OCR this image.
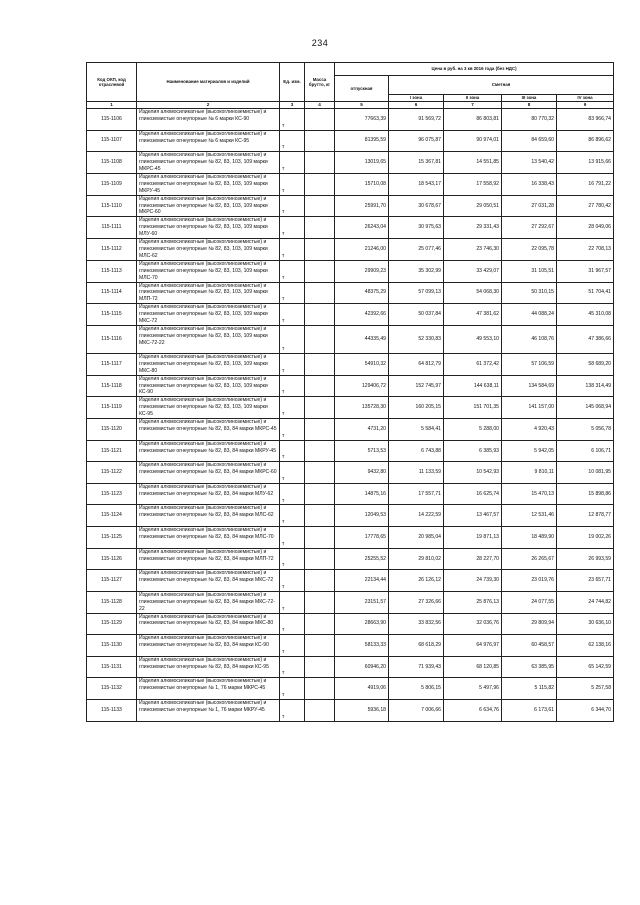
234
Код ОКП, код отраслевой	Наименование материалов и изделий	Ед. изм.	Масса брутто, кг	Цена в руб. на 3 кв 2016 года (без НДС)				
				отпускная	Сметная			
					I зона	II зона	III зона	IV зона
1	2	3	4	5	6	7	8	9
115-1106	Изделия алюмосиликатные (высокоглиноземистые) и глиноземистые огнеупорные № 6 марки КС-90	т		77663,39	91 569,72	86 803,81	80 770,32	83 966,74
115-1107	Изделия алюмосиликатные (высокоглиноземистые) и глиноземистые огнеупорные № 6 марки КС-95	т		81395,59	96 075,87	90 974,01	84 659,60	86 896,62
115-1108	Изделия алюмосиликатные (высокоглиноземистые) и глиноземистые огнеупорные № 82, 83, 103, 109 марки МКРС-45	т		13019,65	15 367,81	14 551,85	13 540,42	13 915,66
115-1109	Изделия алюмосиликатные (высокоглиноземистые) и глиноземистые огнеупорные № 82, 83, 103, 109 марки МКРУ-45	т		15710,08	18 543,17	17 558,92	16 338,43	16 791,22
115-1110	Изделия алюмосиликатные (высокоглиноземистые) и глиноземистые огнеупорные № 82, 83, 103, 109 марки МКРС-60	т		25991,70	30 678,67	29 050,51	27 031,28	27 780,42
115-1111	Изделия алюмосиликатные (высокоглиноземистые) и глиноземистые огнеупорные № 82, 83, 103, 109 марки МЛУ-60	т		26243,04	30 975,63	29 331,43	27 292,67	28 049,06
115-1112	Изделия алюмосиликатные (высокоглиноземистые) и глиноземистые огнеупорные № 82, 83, 103, 109 марки МЛС-62	т		21246,00	25 077,46	23 746,30	22 095,78	22 708,13
115-1113	Изделия алюмосиликатные (высокоглиноземистые) и глиноземистые огнеупорные № 82, 83, 103, 109 марки МЛС-70	т		29909,23	35 302,99	33 429,07	31 105,51	31 967,57
115-1114	Изделия алюмосиликатные (высокоглиноземистые) и глиноземистые огнеупорные № 82, 83, 103, 109 марки МЛП-72	т		48375,29	57 099,13	54 068,30	50 310,15	51 704,41
115-1115	Изделия алюмосиликатные (высокоглиноземистые) и глиноземистые огнеупорные № 82, 83, 103, 109 марки МКС-72	т		42392,66	50 037,84	47 381,62	44 088,24	45 310,08
115-1116	Изделия алюмосиликатные (высокоглиноземистые) и глиноземистые огнеупорные № 82, 83, 103, 109 марки МКС-72-22	т		44335,49	52 330,83	49 553,10	46 108,76	47 386,66
115-1117	Изделия алюмосиликатные (высокоглиноземистые) и глиноземистые огнеупорные № 82, 83, 103, 109 марки МКС-80	т		54910,32	64 812,79	61 372,42	57 106,59	58 689,20
115-1118	Изделия алюмосиликатные (высокоглиноземистые) и глиноземистые огнеупорные № 82, 83, 103, 109 марки КС-90	т		129406,72	152 745,97	144 638,11	134 584,69	138 314,49
115-1119	Изделия алюмосиликатные (высокоглиноземистые) и глиноземистые огнеупорные № 82, 83, 103, 109 марки КС-95	т		135728,30	160 205,15	151 701,35	141 157,00	145 068,94
115-1120	Изделия алюмосиликатные (высокоглиноземистые) и глиноземистые огнеупорные № 82, 83, 84 марки МКРС-45	т		4731,20	5 584,41	5 288,00	4 920,43	5 056,78
115-1121	Изделия алюмосиликатные (высокоглиноземистые) и глиноземистые огнеупорные № 82, 83, 84 марки МКРУ-45	т		5713,53	6 743,88	6 385,93	5 942,05	6 106,71
115-1122	Изделия алюмосиликатные (высокоглиноземистые) и глиноземистые огнеупорные № 82, 83, 84 марки МКРС-60	т		9432,80	11 133,59	10 542,93	9 810,11	10 081,95
115-1123	Изделия алюмосиликатные (высокоглиноземистые) и глиноземистые огнеупорные № 82, 83, 84 марки МЛУ-62	т		14875,16	17 557,71	16 625,74	15 470,13	15 898,86
115-1124	Изделия алюмосиликатные (высокоглиноземистые) и глиноземистые огнеупорные № 82, 83, 84 марки МЛС-62	т		12049,53	14 222,59	13 467,57	12 531,46	12 878,77
115-1125	Изделия алюмосиликатные (высокоглиноземистые) и глиноземистые огнеупорные № 82, 83, 84 марки МЛС-70	т		17778,65	20 985,04	19 871,13	18 489,90	19 002,26
115-1126	Изделия алюмосиликатные (высокоглиноземистые) и глиноземистые огнеупорные № 82, 83, 84 марки МЛП-72	т		25255,52	29 810,02	28 227,70	26 265,67	26 993,59
115-1127	Изделия алюмосиликатные (высокоглиноземистые) и глиноземистые огнеупорные № 82, 83, 84 марки МКС-72	т		22134,44	26 126,12	24 739,30	23 019,76	23 657,71
115-1128	Изделия алюмосиликатные (высокоглиноземистые) и глиноземистые огнеупорные № 82, 83, 84 марки МКС-72-22	т		23151,57	27 326,66	25 876,13	24 077,55	24 744,82
115-1129	Изделия алюмосиликатные (высокоглиноземистые) и глиноземистые огнеупорные № 82, 83, 84 марки МКС-80	т		28663,90	33 832,56	32 036,76	29 809,94	30 636,10
115-1130	Изделия алюмосиликатные (высокоглиноземистые) и глиноземистые огнеупорные № 82, 83, 84 марки КС-90	т		58133,33	68 618,29	64 976,97	60 458,57	62 138,16
115-1131	Изделия алюмосиликатные (высокоглиноземистые) и глиноземистые огнеупорные № 82, 83, 84 марки КС-95	т		60946,20	71 939,43	68 120,85	63 385,95	65 142,59
115-1132	Изделия алюмосиликатные (высокоглиноземистые) и глиноземистые огнеупорные № 1, 76 марки МКРС-45	т		4919,06	5 806,15	5 497,96	5 115,82	5 257,58
115-1133	Изделия алюмосиликатные (высокоглиноземистые) и глиноземистые огнеупорные № 1, 76 марки МКРУ-45	т		5936,18	7 006,66	6 634,76	6 173,61	6 344,70
